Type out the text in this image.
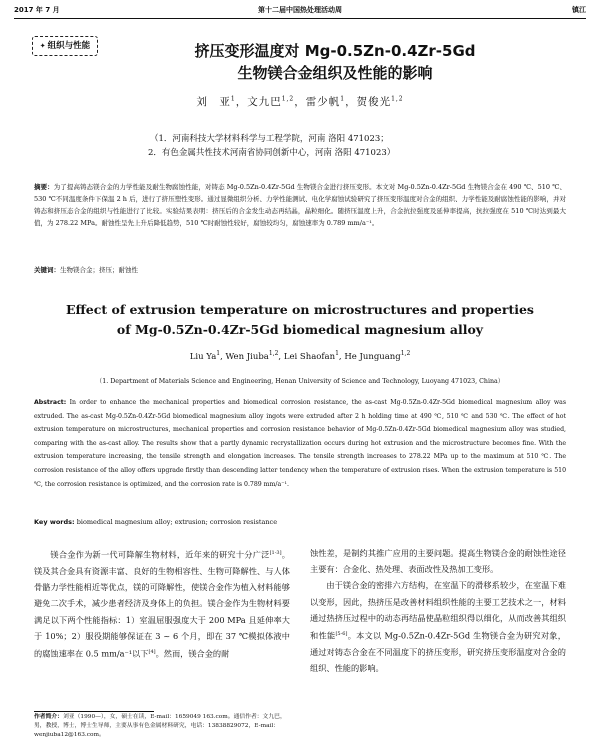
2017 年 7 月	第十二届中国热处理活动周	镇江
✦ 组织与性能	挤压变形温度对 Mg-0.5Zn-0.4Zr-5Gd
生物镁合金组织及性能的影响
刘　亚$^1$，文九巴$^{1,2}$，雷少帆$^1$，贺俊光$^{1,2}$
（1．河南科技大学材料科学与工程学院，河南 洛阳 471023；
2．有色金属共性技术河南省协同创新中心，河南 洛阳 471023）
摘要：为了提高铸态镁合金的力学性能及耐生物腐蚀性能，对铸态 Mg-0.5Zn-0.4Zr-5Gd 生物镁合金进行挤压变形。本文对 Mg-0.5Zn-0.4Zr-5Gd 生物镁合金在 490 ℃、510 ℃、530 ℃不同温度条件下保温 2 h 后，进行了挤压塑性变形。通过显微组织分析、力学性能测试、电化学腐蚀试验研究了挤压变形温度对合金的组织、力学性能及耐腐蚀性能的影响，并对铸态和挤压态合金的组织与性能进行了比较。实验结果表明：挤压后的合金发生动态再结晶，晶粒细化。随挤压温度上升，合金抗拉强度及延伸率提高，抗拉强度在 510 ℃时达到最大值，为 278.22 MPa。耐蚀性呈先上升后降低趋势，510 ℃时耐蚀性较好，腐蚀较均匀，腐蚀速率为 0.789 mm/a⁻¹。
关键词：生物镁合金；挤压；耐蚀性
Effect of extrusion temperature on microstructures and properties
of Mg-0.5Zn-0.4Zr-5Gd biomedical magnesium alloy
Liu Ya$^1$, Wen Jiuba$^{1,2}$, Lei Shaofan$^1$, He Junguang$^{1,2}$
（1. Department of Materials Science and Engineering, Henan University of Science and Technology, Luoyang 471023, China）
Abstract: In order to enhance the mechanical properties and biomedical corrosion resistance, the as-cast Mg-0.5Zn-0.4Zr-5Gd biomedical magnesium alloy was extruded. The as-cast Mg-0.5Zn-0.4Zr-5Gd biomedical magnesium alloy ingots were extruded after 2 h holding time at 490 ℃, 510 ℃ and 530 ℃. The effect of hot extrusion temperature on microstructures, mechanical properties and corrosion resistance behavior of Mg-0.5Zn-0.4Zr-5Gd biomedical magnesium alloy was studied, comparing with the as-cast alloy. The results show that a partly dynamic recrystallization occurs during hot extrusion and the microstructure becomes fine. With the extrusion temperature increasing, the tensile strength and elongation increases. The tensile strength increases to 278.22 MPa up to the maximum at 510 ℃. The corrosion resistance of the alloy offers upgrade firstly than descending latter tendency when the temperature of extrusion rises. When the extrusion temperature is 510 ℃, the corrosion resistance is optimized, and the corrosion rate is 0.789 mm/a⁻¹.
Key words: biomedical magnesium alloy; extrusion; corrosion resistance

镁合金作为新一代可降解生物材料，近年来的研究十分广泛[1-3]。镁及其合金具有资源丰富、良好的生物相容性、生物可降解性、与人体骨骼力学性能相近等优点，镁的可降解性，使镁合金作为植入材料能够避免二次手术，减少患者经济及身体上的负担。镁合金作为生物材料要满足以下两个性能指标：1）室温屈服强度大于 200 MPa 且延伸率大于 10%；2）服役期能够保证在 3 ~ 6 个月，即在 37 ℃模拟体液中的腐蚀速率在 0.5 mm/a⁻¹以下[4]。然而，镁合金的耐

蚀性差，是制约其推广应用的主要问题。提高生物镁合金的耐蚀性途径主要有：合金化、热处理、表面改性及热加工变形。

由于镁合金的密排六方结构，在室温下的滑移系较少，在室温下难以变形，因此，热挤压是改善材料组织性能的主要工艺技术之一，材料通过热挤压过程中的动态再结晶使晶粒组织得以细化，从而改善其组织和性能[5-6]。本文以 Mg-0.5Zn-0.4Zr-5Gd 生物镁合金为研究对象，通过对铸态合金在不同温度下的挤压变形，研究挤压变形温度对合金的组织、性能的影响。

作者简介：刘亚（1990—），女，硕士在读，E-mail：1659049 163.com。通信作者：文九巴，男，教授，博士，博士生导师，主要从事有色金属材料研究，电话：13838829072，E-mail：wenjiuba12@163.com。
